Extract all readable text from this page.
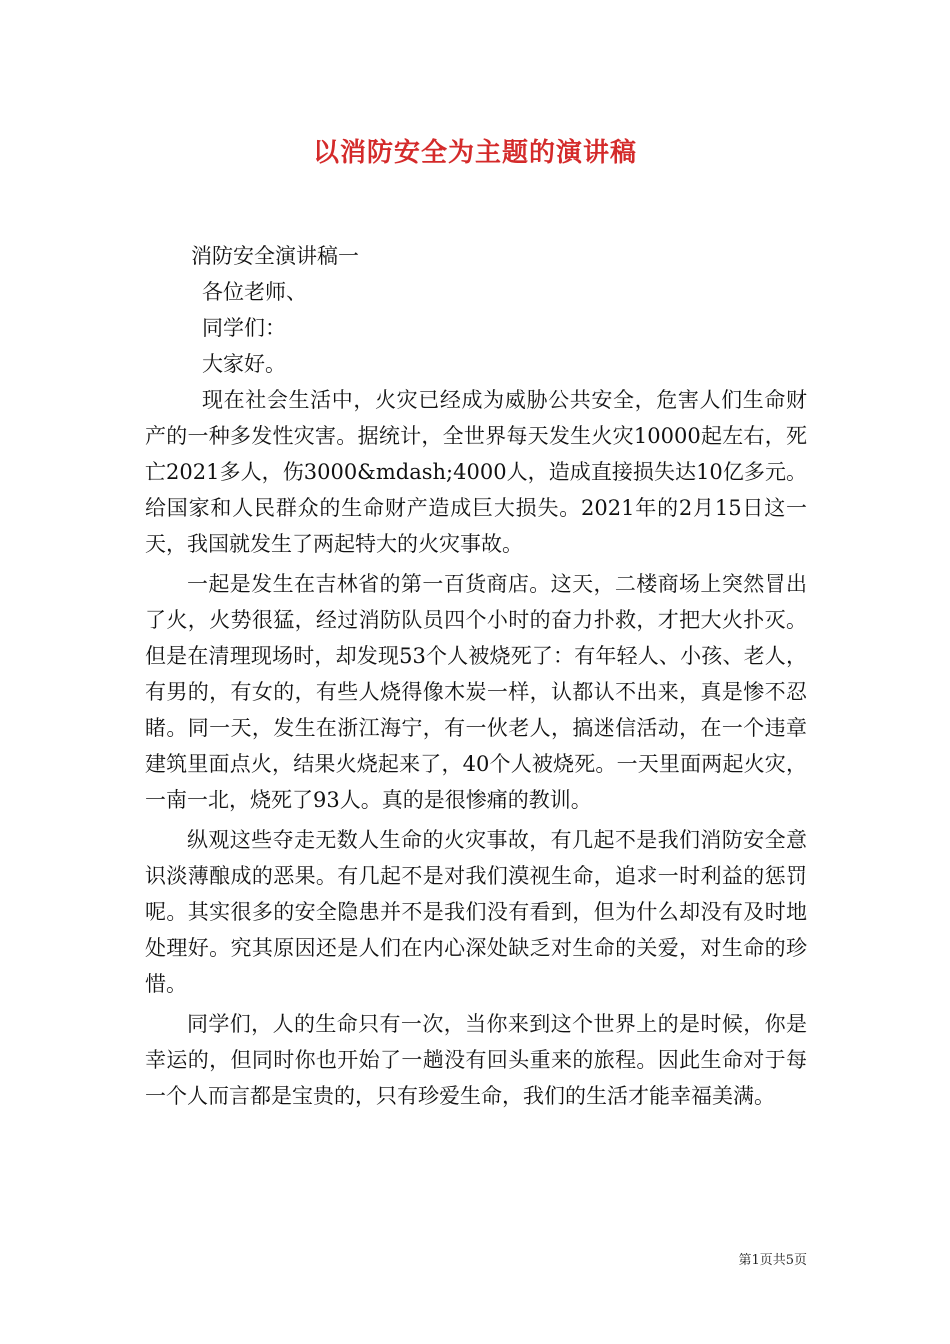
以消防安全为主题的演讲稿

消防安全演讲稿一

各位老师、

同学们：

大家好。

现在社会生活中，火灾已经成为威胁公共安全，危害人们生命财产的一种多发性灾害。据统计，全世界每天发生火灾10000起左右，死亡2021多人，伤3000&mdash;4000人，造成直接损失达10亿多元。给国家和人民群众的生命财产造成巨大损失。2021年的2月15日这一天，我国就发生了两起特大的火灾事故。

一起是发生在吉林省的第一百货商店。这天，二楼商场上突然冒出了火，火势很猛，经过消防队员四个小时的奋力扑救，才把大火扑灭。但是在清理现场时，却发现53个人被烧死了：有年轻人、小孩、老人，有男的，有女的，有些人烧得像木炭一样，认都认不出来，真是惨不忍睹。同一天，发生在浙江海宁，有一伙老人，搞迷信活动，在一个违章建筑里面点火，结果火烧起来了，40个人被烧死。一天里面两起火灾，一南一北，烧死了93人。真的是很惨痛的教训。

纵观这些夺走无数人生命的火灾事故，有几起不是我们消防安全意识淡薄酿成的恶果。有几起不是对我们漠视生命，追求一时利益的惩罚呢。其实很多的安全隐患并不是我们没有看到，但为什么却没有及时地处理好。究其原因还是人们在内心深处缺乏对生命的关爱，对生命的珍惜。

同学们，人的生命只有一次，当你来到这个世界上的是时候，你是幸运的，但同时你也开始了一趟没有回头重来的旅程。因此生命对于每一个人而言都是宝贵的，只有珍爱生命，我们的生活才能幸福美满。

第1页共5页
